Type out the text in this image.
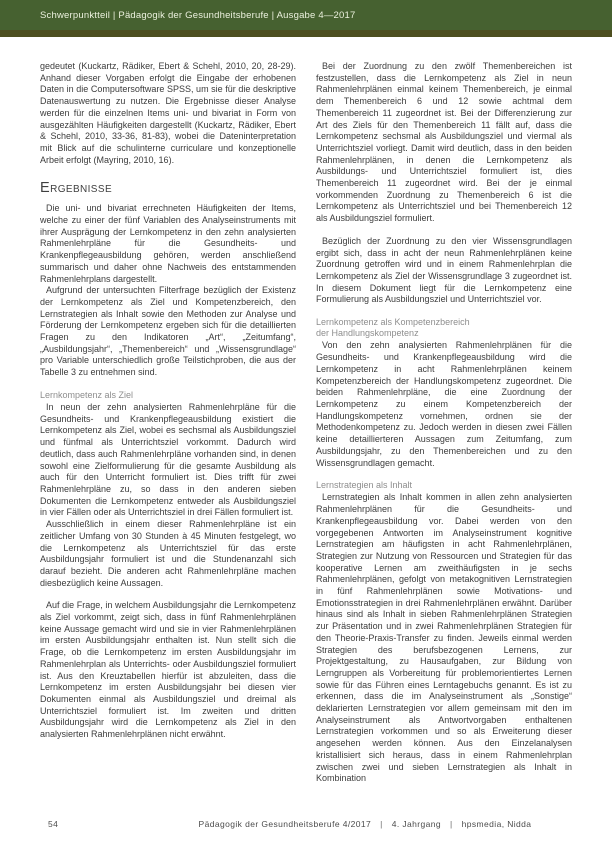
Schwerpunktteil | Pädagogik der Gesundheitsberufe | Ausgabe 4—2017

gedeutet (Kuckartz, Rädiker, Ebert & Schehl, 2010, 20, 28-29). Anhand dieser Vorgaben erfolgt die Eingabe der erhobenen Daten in die Computersoftware SPSS, um sie für die deskriptive Datenauswertung zu nutzen. Die Ergebnisse dieser Analyse werden für die einzelnen Items uni- und bivariat in Form von ausgezählten Häufigkeiten dargestellt (Kuckartz, Rädiker, Ebert & Schehl, 2010, 33-36, 81-83), wobei die Dateninterpretation mit Blick auf die schulinterne curriculare und konzeptionelle Arbeit erfolgt (Mayring, 2010, 16).

Ergebnisse

Die uni- und bivariat errechneten Häufigkeiten der Items, welche zu einer der fünf Variablen des Analyseinstruments mit ihrer Ausprägung der Lernkompetenz in den zehn analysierten Rahmenlehrpläne für die Gesundheits- und Krankenpflegeausbildung gehören, werden anschließend summarisch und daher ohne Nachweis des entstammenden Rahmenlehrplans dargestellt.

Aufgrund der untersuchten Filterfrage bezüglich der Existenz der Lernkompetenz als Ziel und Kompetenzbereich, den Lernstrategien als Inhalt sowie den Methoden zur Analyse und Förderung der Lernkompetenz ergeben sich für die detaillierten Fragen zu den Indikatoren „Art“, „Zeitumfang“, „Ausbildungsjahr“, „Themenbereich“ und „Wissensgrundlage“ pro Variable unterschiedlich große Teilstichproben, die aus der Tabelle 3 zu entnehmen sind.

Lernkompetenz als Ziel

In neun der zehn analysierten Rahmenlehrpläne für die Gesundheits- und Krankenpflegeausbildung existiert die Lernkompetenz als Ziel, wobei es sechsmal als Ausbildungsziel und fünfmal als Unterrichtsziel vorkommt. Dadurch wird deutlich, dass auch Rahmenlehrpläne vorhanden sind, in denen sowohl eine Zielformulierung für die gesamte Ausbildung als auch für den Unterricht formuliert ist. Dies trifft für zwei Rahmenlehrpläne zu, so dass in den anderen sieben Dokumenten die Lernkompetenz entweder als Ausbildungsziel in vier Fällen oder als Unterrichtsziel in drei Fällen formuliert ist.

Ausschließlich in einem dieser Rahmenlehrpläne ist ein zeitlicher Umfang von 30 Stunden à 45 Minuten festgelegt, wo die Lernkompetenz als Unterrichtsziel für das erste Ausbildungsjahr formuliert ist und die Stundenanzahl sich darauf bezieht. Die anderen acht Rahmenlehrpläne machen diesbezüglich keine Aussagen.

Auf die Frage, in welchem Ausbildungsjahr die Lernkompetenz als Ziel vorkommt, zeigt sich, dass in fünf Rahmenlehrplänen keine Aussage gemacht wird und sie in vier Rahmenlehrplänen im ersten Ausbildungsjahr enthalten ist. Nun stellt sich die Frage, ob die Lernkompetenz im ersten Ausbildungsjahr im Rahmenlehrplan als Unterrichts- oder Ausbildungsziel formuliert ist. Aus den Kreuztabellen hierfür ist abzuleiten, dass die Lernkompetenz im ersten Ausbildungsjahr bei diesen vier Dokumenten einmal als Ausbildungsziel und dreimal als Unterrichtsziel formuliert ist. Im zweiten und dritten Ausbildungsjahr wird die Lernkompetenz als Ziel in den analysierten Rahmenlehrplänen nicht erwähnt.

Bei der Zuordnung zu den zwölf Themenbereichen ist festzustellen, dass die Lernkompetenz als Ziel in neun Rahmenlehrplänen einmal keinem Themenbereich, je einmal dem Themenbereich 6 und 12 sowie achtmal dem Themenbereich 11 zugeordnet ist. Bei der Differenzierung zur Art des Ziels für den Themenbereich 11 fällt auf, dass die Lernkompetenz sechsmal als Ausbildungsziel und viermal als Unterrichtsziel vorliegt. Damit wird deutlich, dass in den beiden Rahmenlehrplänen, in denen die Lernkompetenz als Ausbildungs- und Unterrichtsziel formuliert ist, dies Themenbereich 11 zugeordnet wird. Bei der je einmal vorkommenden Zuordnung zu Themenbereich 6 ist die Lernkompetenz als Unterrichtsziel und bei Themenbereich 12 als Ausbildungsziel formuliert.

Bezüglich der Zuordnung zu den vier Wissensgrundlagen ergibt sich, dass in acht der neun Rahmenlehrplänen keine Zuordnung getroffen wird und in einem Rahmenlehrplan die Lernkompetenz als Ziel der Wissensgrundlage 3 zugeordnet ist. In diesem Dokument liegt für die Lernkompetenz eine Formulierung als Ausbildungsziel und Unterrichtsziel vor.

Lernkompetenz als Kompetenzbereich
der Handlungskompetenz

Von den zehn analysierten Rahmenlehrplänen für die Gesundheits- und Krankenpflegeausbildung wird die Lernkompetenz in acht Rahmenlehrplänen keinem Kompetenzbereich der Handlungskompetenz zugeordnet. Die beiden Rahmenlehrpläne, die eine Zuordnung der Lernkompetenz zu einem Kompetenzbereich der Handlungskompetenz vornehmen, ordnen sie der Methodenkompetenz zu. Jedoch werden in diesen zwei Fällen keine detaillierteren Aussagen zum Zeitumfang, zum Ausbildungsjahr, zu den Themenbereichen und zu den Wissensgrundlagen gemacht.

Lernstrategien als Inhalt

Lernstrategien als Inhalt kommen in allen zehn analysierten Rahmenlehrplänen für die Gesundheits- und Krankenpflegeausbildung vor. Dabei werden von den vorgegebenen Antworten im Analyseinstrument kognitive Lernstrategien am häufigsten in acht Rahmenlehrplänen, Strategien zur Nutzung von Ressourcen und Strategien für das kooperative Lernen am zweithäufigsten in je sechs Rahmenlehrplänen, gefolgt von metakognitiven Lernstrategien in fünf Rahmenlehrplänen sowie Motivations- und Emotionsstrategien in drei Rahmenlehrplänen erwähnt. Darüber hinaus sind als Inhalt in sieben Rahmenlehrplänen Strategien zur Präsentation und in zwei Rahmenlehrplänen Strategien für den Theorie-Praxis-Transfer zu finden. Jeweils einmal werden Strategien des berufsbezogenen Lernens, zur Projektgestaltung, zu Hausaufgaben, zur Bildung von Lerngruppen als Vorbereitung für problemorientiertes Lernen sowie für das Führen eines Lerntagebuchs genannt. Es ist zu erkennen, dass die im Analyseinstrument als „Sonstige“ deklarierten Lernstrategien vor allem gemeinsam mit den im Analyseinstrument als Antwortvorgaben enthaltenen Lernstrategien vorkommen und so als Erweiterung dieser angesehen werden können. Aus den Einzelanalysen kristallisiert sich heraus, dass in einem Rahmenlehrplan zwischen zwei und sieben Lernstrategien als Inhalt in Kombination

54	Pädagogik der Gesundheitsberufe 4/2017 | 4. Jahrgang | hpsmedia, Nidda
